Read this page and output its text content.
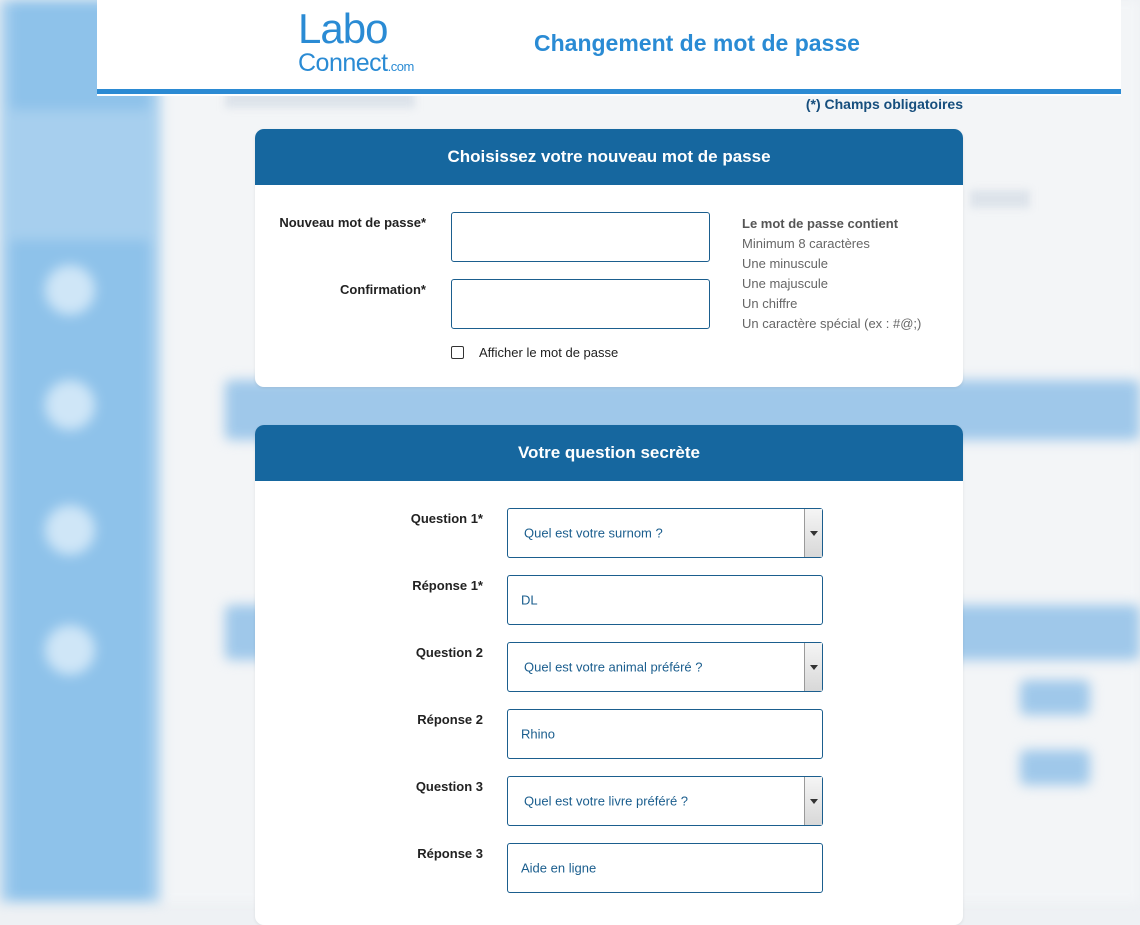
Labo
Connect.com
Changement de mot de passe
(*) Champs obligatoires
Choisissez votre nouveau mot de passe
Nouveau mot de passe*
Confirmation*
Afficher le mot de passe
Le mot de passe contient
Minimum 8 caractères
Une minuscule
Une majuscule
Un chiffre
Un caractère spécial (ex : #@;)
Votre question secrète
Question 1*
Quel est votre surnom ?
Réponse 1*
DL
Question 2
Quel est votre animal préféré ?
Réponse 2
Rhino
Question 3
Quel est votre livre préféré ?
Réponse 3
Aide en ligne
